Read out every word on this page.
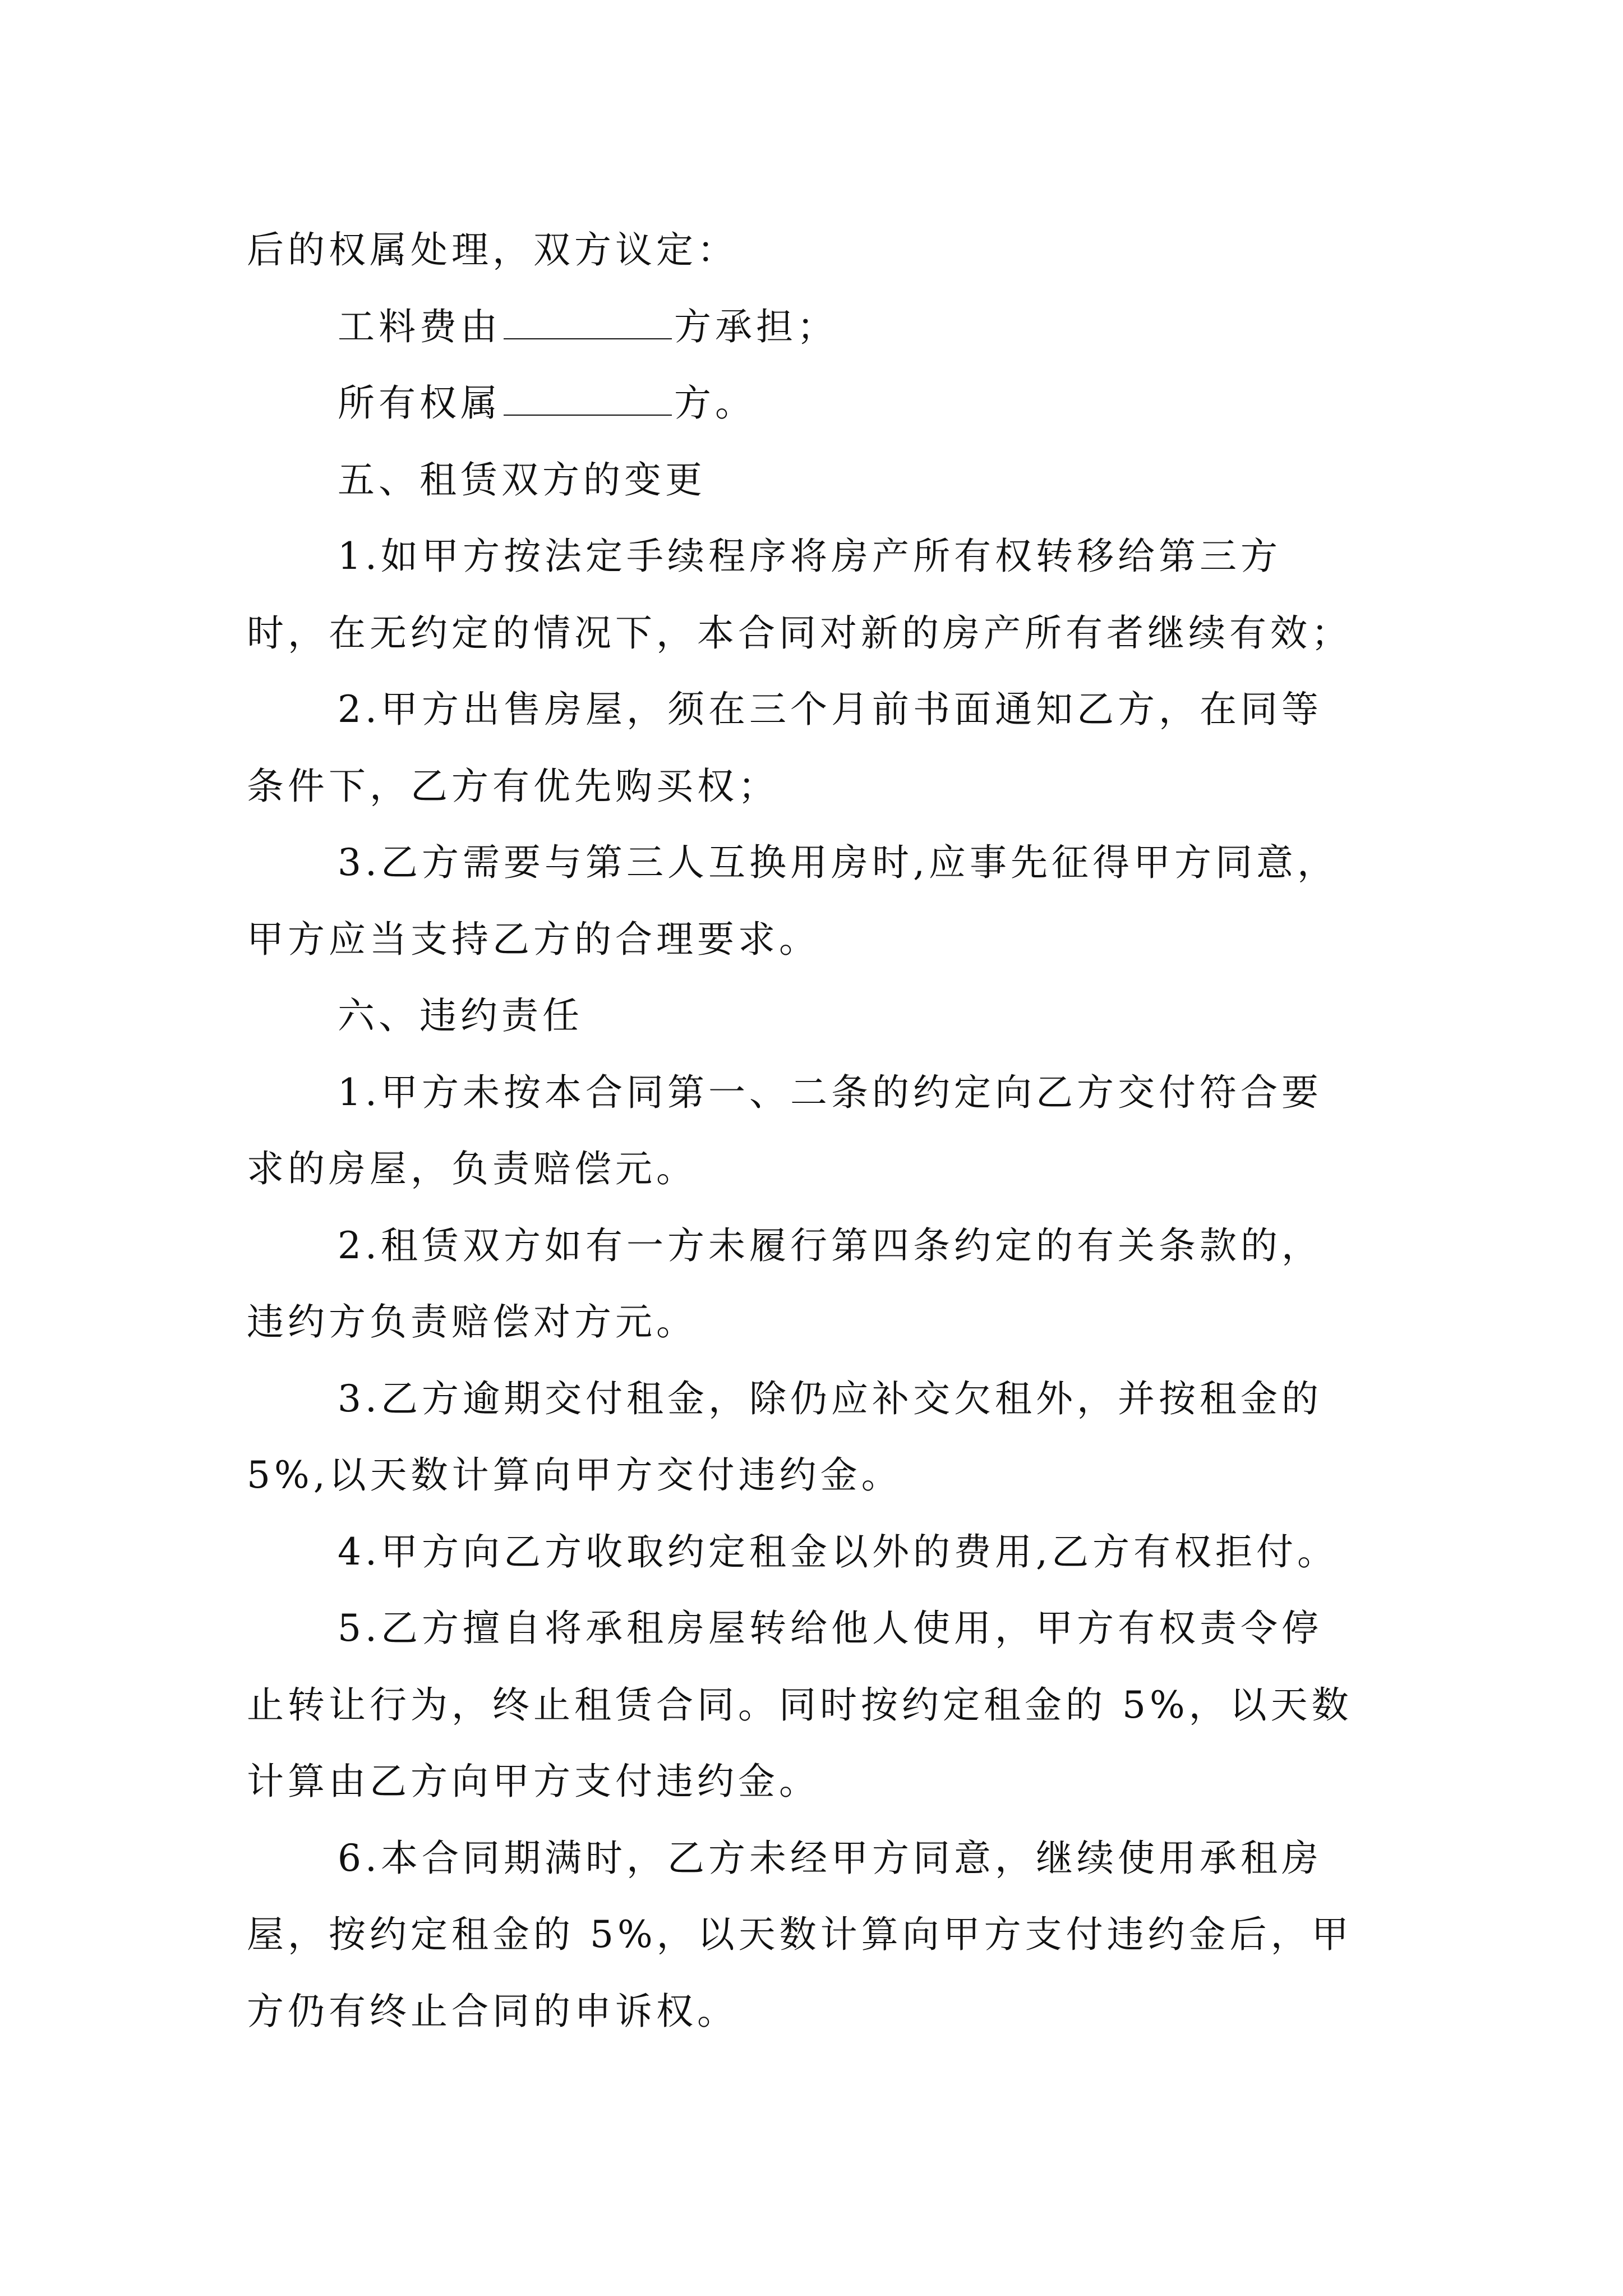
后的权属处理，双方议定：
工料费由	方承担；
所有权属	方。
五、租赁双方的变更
1.如甲方按法定手续程序将房产所有权转移给第三方
时，在无约定的情况下，本合同对新的房产所有者继续有效；
2.甲方出售房屋，须在三个月前书面通知乙方，在同等
条件下，乙方有优先购买权；
3.乙方需要与第三人互换用房时,应事先征得甲方同意，
甲方应当支持乙方的合理要求。
六、违约责任
1.甲方未按本合同第一、二条的约定向乙方交付符合要
求的房屋，负责赔偿元。
2.租赁双方如有一方未履行第四条约定的有关条款的，
违约方负责赔偿对方元。
3.乙方逾期交付租金，除仍应补交欠租外，并按租金的
5%,以天数计算向甲方交付违约金。
4.甲方向乙方收取约定租金以外的费用,乙方有权拒付。
5.乙方擅自将承租房屋转给他人使用，甲方有权责令停
止转让行为，终止租赁合同。同时按约定租金的 5%，以天数
计算由乙方向甲方支付违约金。
6.本合同期满时，乙方未经甲方同意，继续使用承租房
屋，按约定租金的 5%，以天数计算向甲方支付违约金后，甲
方仍有终止合同的申诉权。
